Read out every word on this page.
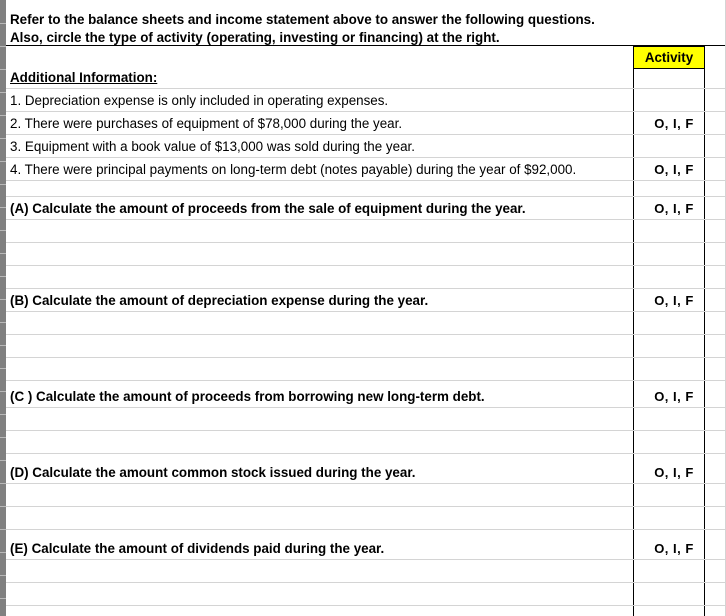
Refer to the balance sheets and income statement above to answer the following questions.
Also, circle the type of activity (operating, investing or financing) at the right.
Activity
Additional Information:
1. Depreciation expense is only included in operating expenses.
2. There were purchases of equipment of $78,000 during the year.	O, I, F
3. Equipment with a book value of $13,000 was sold during the year.
4. There were principal payments on long-term debt (notes payable) during the year of $92,000.	O, I, F
(A) Calculate the amount of proceeds from the sale of equipment during the year.	O, I, F
(B) Calculate the amount of depreciation expense during the year.	O, I, F
(C ) Calculate the amount of proceeds from borrowing new long-term debt.	O, I, F
(D) Calculate the amount common stock issued during the year.	O, I, F
(E) Calculate the amount of dividends paid during the year.	O, I, F
